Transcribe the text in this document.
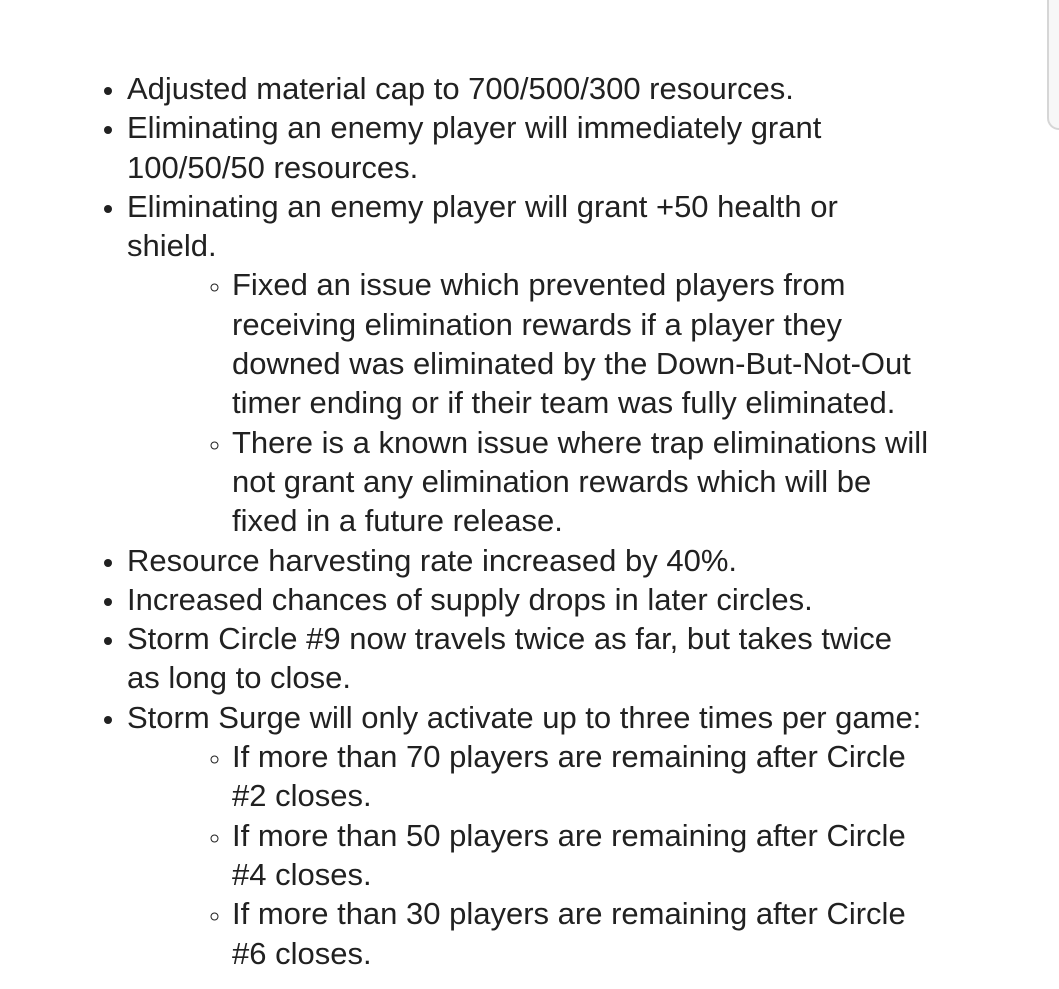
• Adjusted material cap to 700/500/300 resources.
• Eliminating an enemy player will immediately grant 100/50/50 resources.
• Eliminating an enemy player will grant +50 health or shield.
◦ Fixed an issue which prevented players from receiving elimination rewards if a player they downed was eliminated by the Down-But-Not-Out timer ending or if their team was fully eliminated.
◦ There is a known issue where trap eliminations will not grant any elimination rewards which will be fixed in a future release.
• Resource harvesting rate increased by 40%.
• Increased chances of supply drops in later circles.
• Storm Circle #9 now travels twice as far, but takes twice as long to close.
• Storm Surge will only activate up to three times per game:
◦ If more than 70 players are remaining after Circle #2 closes.
◦ If more than 50 players are remaining after Circle #4 closes.
◦ If more than 30 players are remaining after Circle #6 closes.
